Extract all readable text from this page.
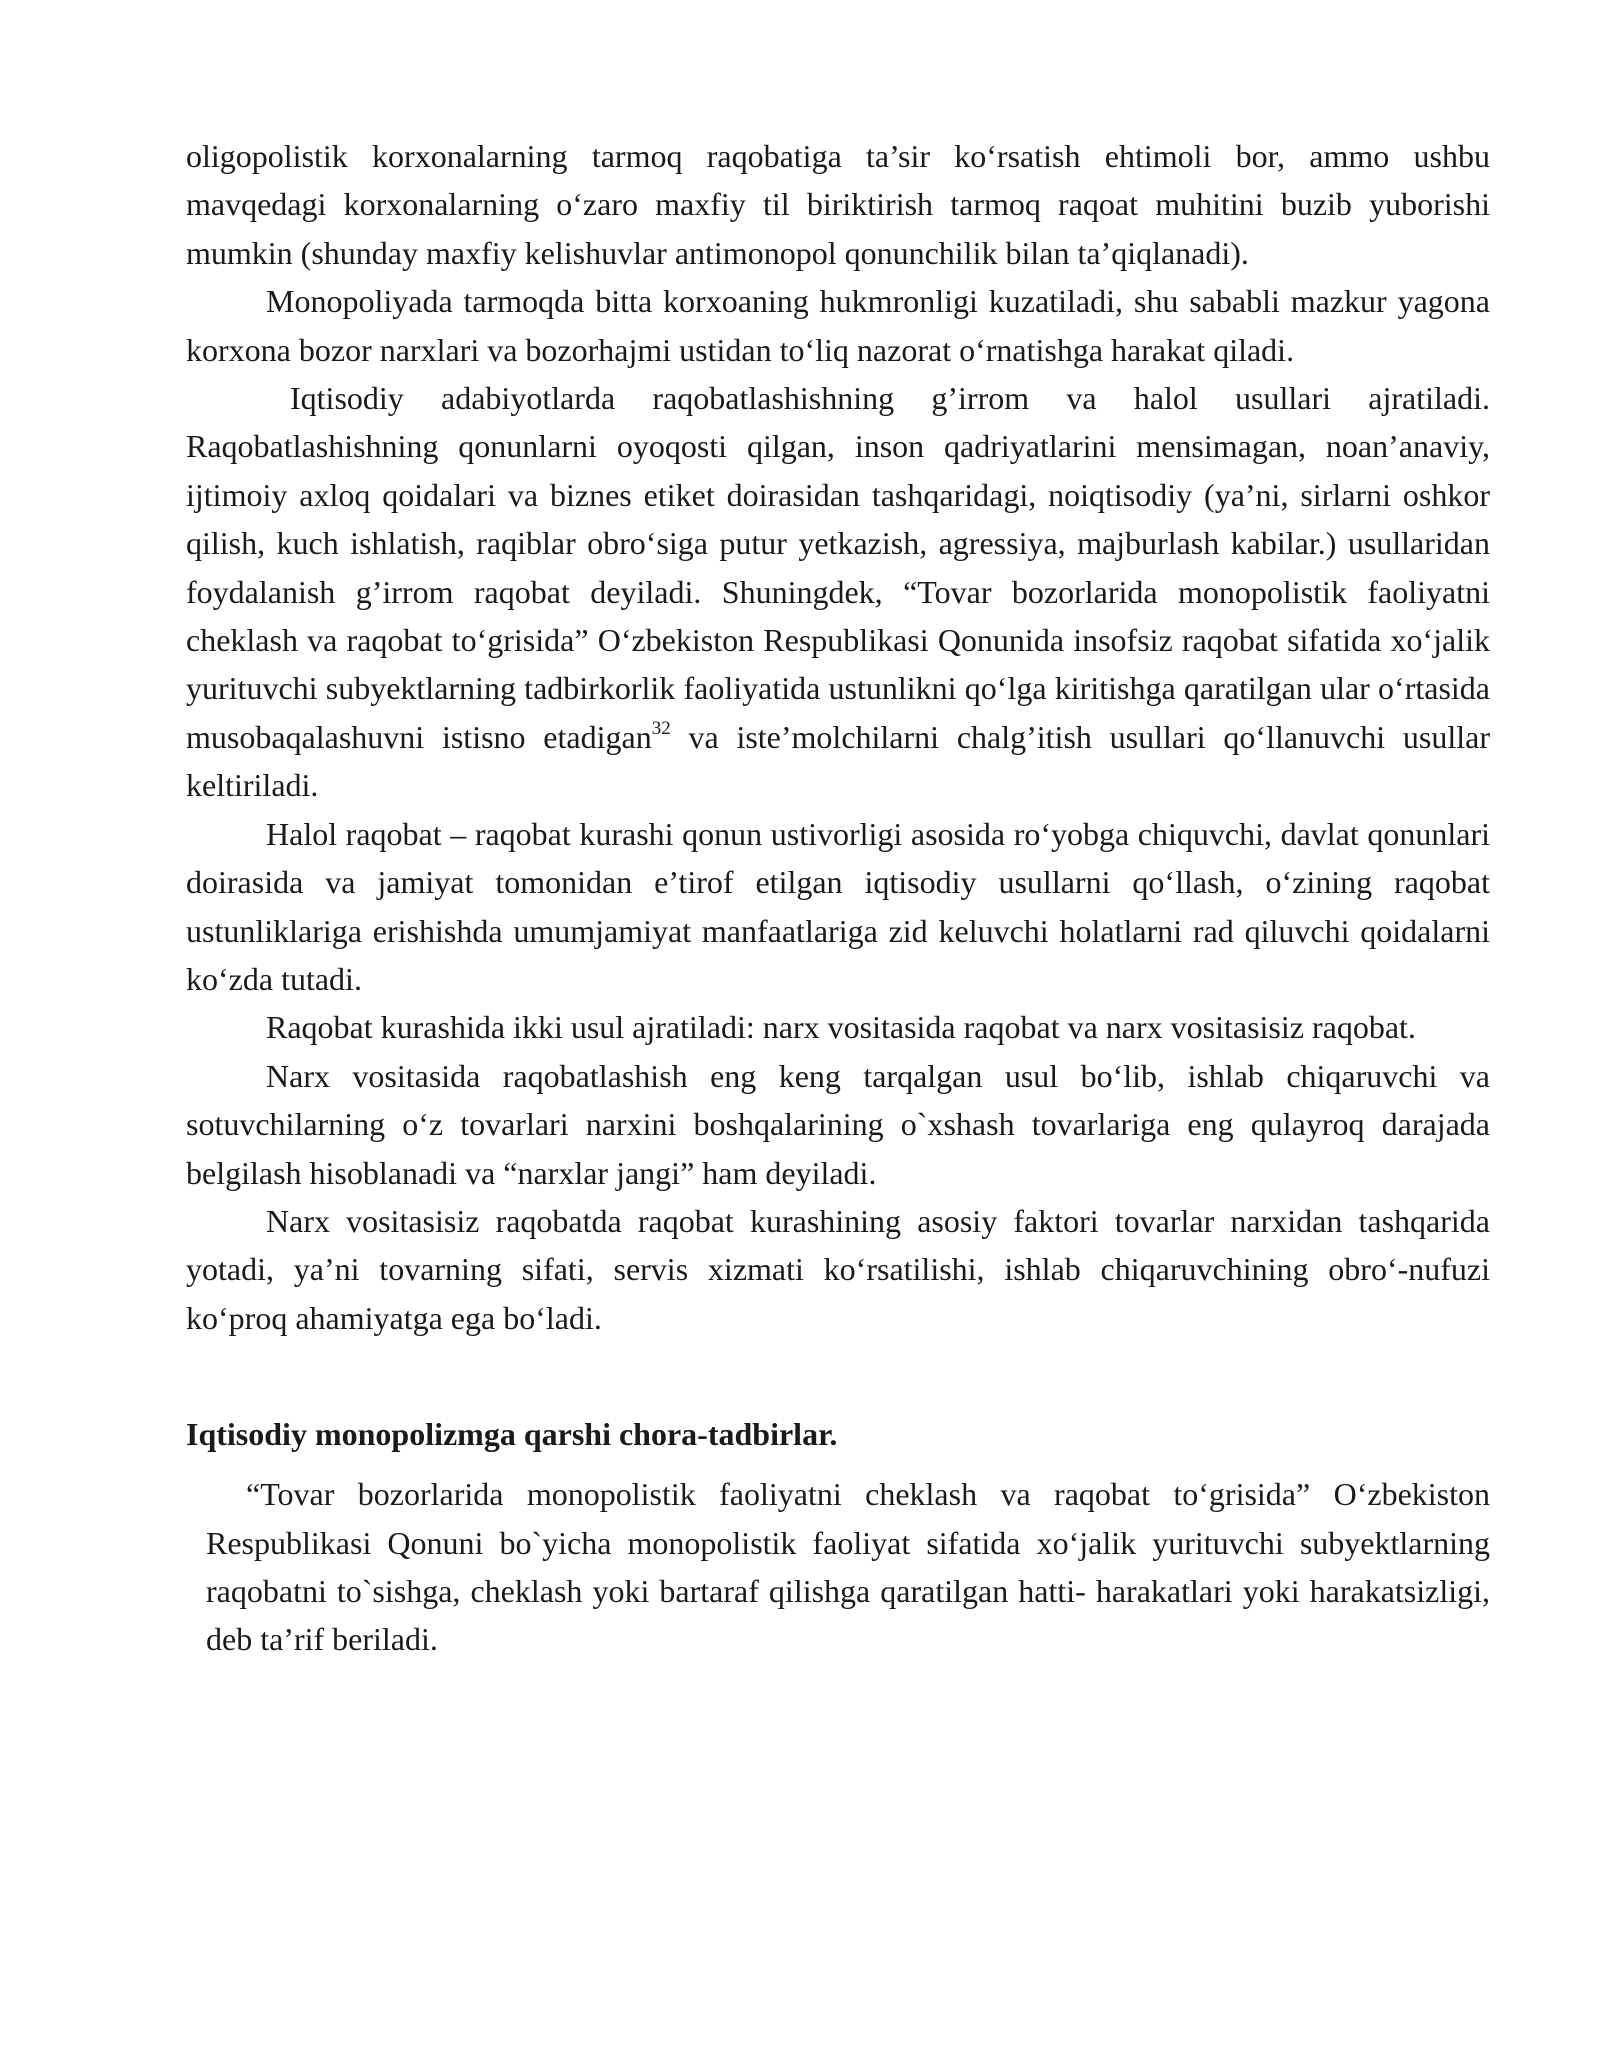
oligopolistik korxonalarning tarmoq raqobatiga ta’sir ko‘rsatish ehtimoli bor, ammo ushbu mavqedagi korxonalarning o‘zaro maxfiy til biriktirish tarmoq raqoat muhitini buzib yuborishi mumkin (shunday maxfiy kelishuvlar antimonopol qonunchilik bilan ta’qiqlanadi).

Monopoliyada tarmoqda bitta korxoaning hukmronligi kuzatiladi, shu sababli mazkur yagona korxona bozor narxlari va bozorhajmi ustidan to‘liq nazorat o‘rnatishga harakat qiladi.

Iqtisodiy adabiyotlarda raqobatlashishning g’irrom va halol usullari ajratiladi. Raqobatlashishning qonunlarni oyoqosti qilgan, inson qadriyatlarini mensimagan, noan’anaviy, ijtimoiy axloq qoidalari va biznes etiket doirasidan tashqaridagi, noiqtisodiy (ya’ni, sirlarni oshkor qilish, kuch ishlatish, raqiblar obro‘siga putur yetkazish, agressiya, majburlash kabilar.) usullaridan foydalanish g’irrom raqobat deyiladi. Shuningdek, “Tovar bozorlarida monopolistik faoliyatni cheklash va raqobat to‘grisida” O‘zbekiston Respublikasi Qonunida insofsiz raqobat sifatida xo‘jalik yurituvchi subyektlarning tadbirkorlik faoliyatida ustunlikni qo‘lga kiritishga qaratilgan ular o‘rtasida musobaqalashuvni istisno etadigan$^{32}$ va iste’molchilarni chalg’itish usullari qo‘llanuvchi usullar keltiriladi.

Halol raqobat – raqobat kurashi qonun ustivorligi asosida ro‘yobga chiquvchi, davlat qonunlari doirasida va jamiyat tomonidan e’tirof etilgan iqtisodiy usullarni qo‘llash, o‘zining raqobat ustunliklariga erishishda umumjamiyat manfaatlariga zid keluvchi holatlarni rad qiluvchi qoidalarni ko‘zda tutadi.

Raqobat kurashida ikki usul ajratiladi: narx vositasida raqobat va narx vositasisiz raqobat.

Narx vositasida raqobatlashish eng keng tarqalgan usul bo‘lib, ishlab chiqaruvchi va sotuvchilarning o‘z tovarlari narxini boshqalarining o`xshash tovarlariga eng qulayroq darajada belgilash hisoblanadi va “narxlar jangi” ham deyiladi.

Narx vositasisiz raqobatda raqobat kurashining asosiy faktori tovarlar narxidan tashqarida yotadi, ya’ni tovarning sifati, servis xizmati ko‘rsatilishi, ishlab chiqaruvchining obro‘-nufuzi ko‘proq ahamiyatga ega bo‘ladi.

Iqtisodiy monopolizmga qarshi chora-tadbirlar.

“Tovar bozorlarida monopolistik faoliyatni cheklash va raqobat to‘grisida” O‘zbekiston Respublikasi Qonuni bo`yicha monopolistik faoliyat sifatida xo‘jalik yurituvchi subyektlarning raqobatni to`sishga, cheklash yoki bartaraf qilishga qaratilgan hatti- harakatlari yoki harakatsizligi, deb ta’rif beriladi.
